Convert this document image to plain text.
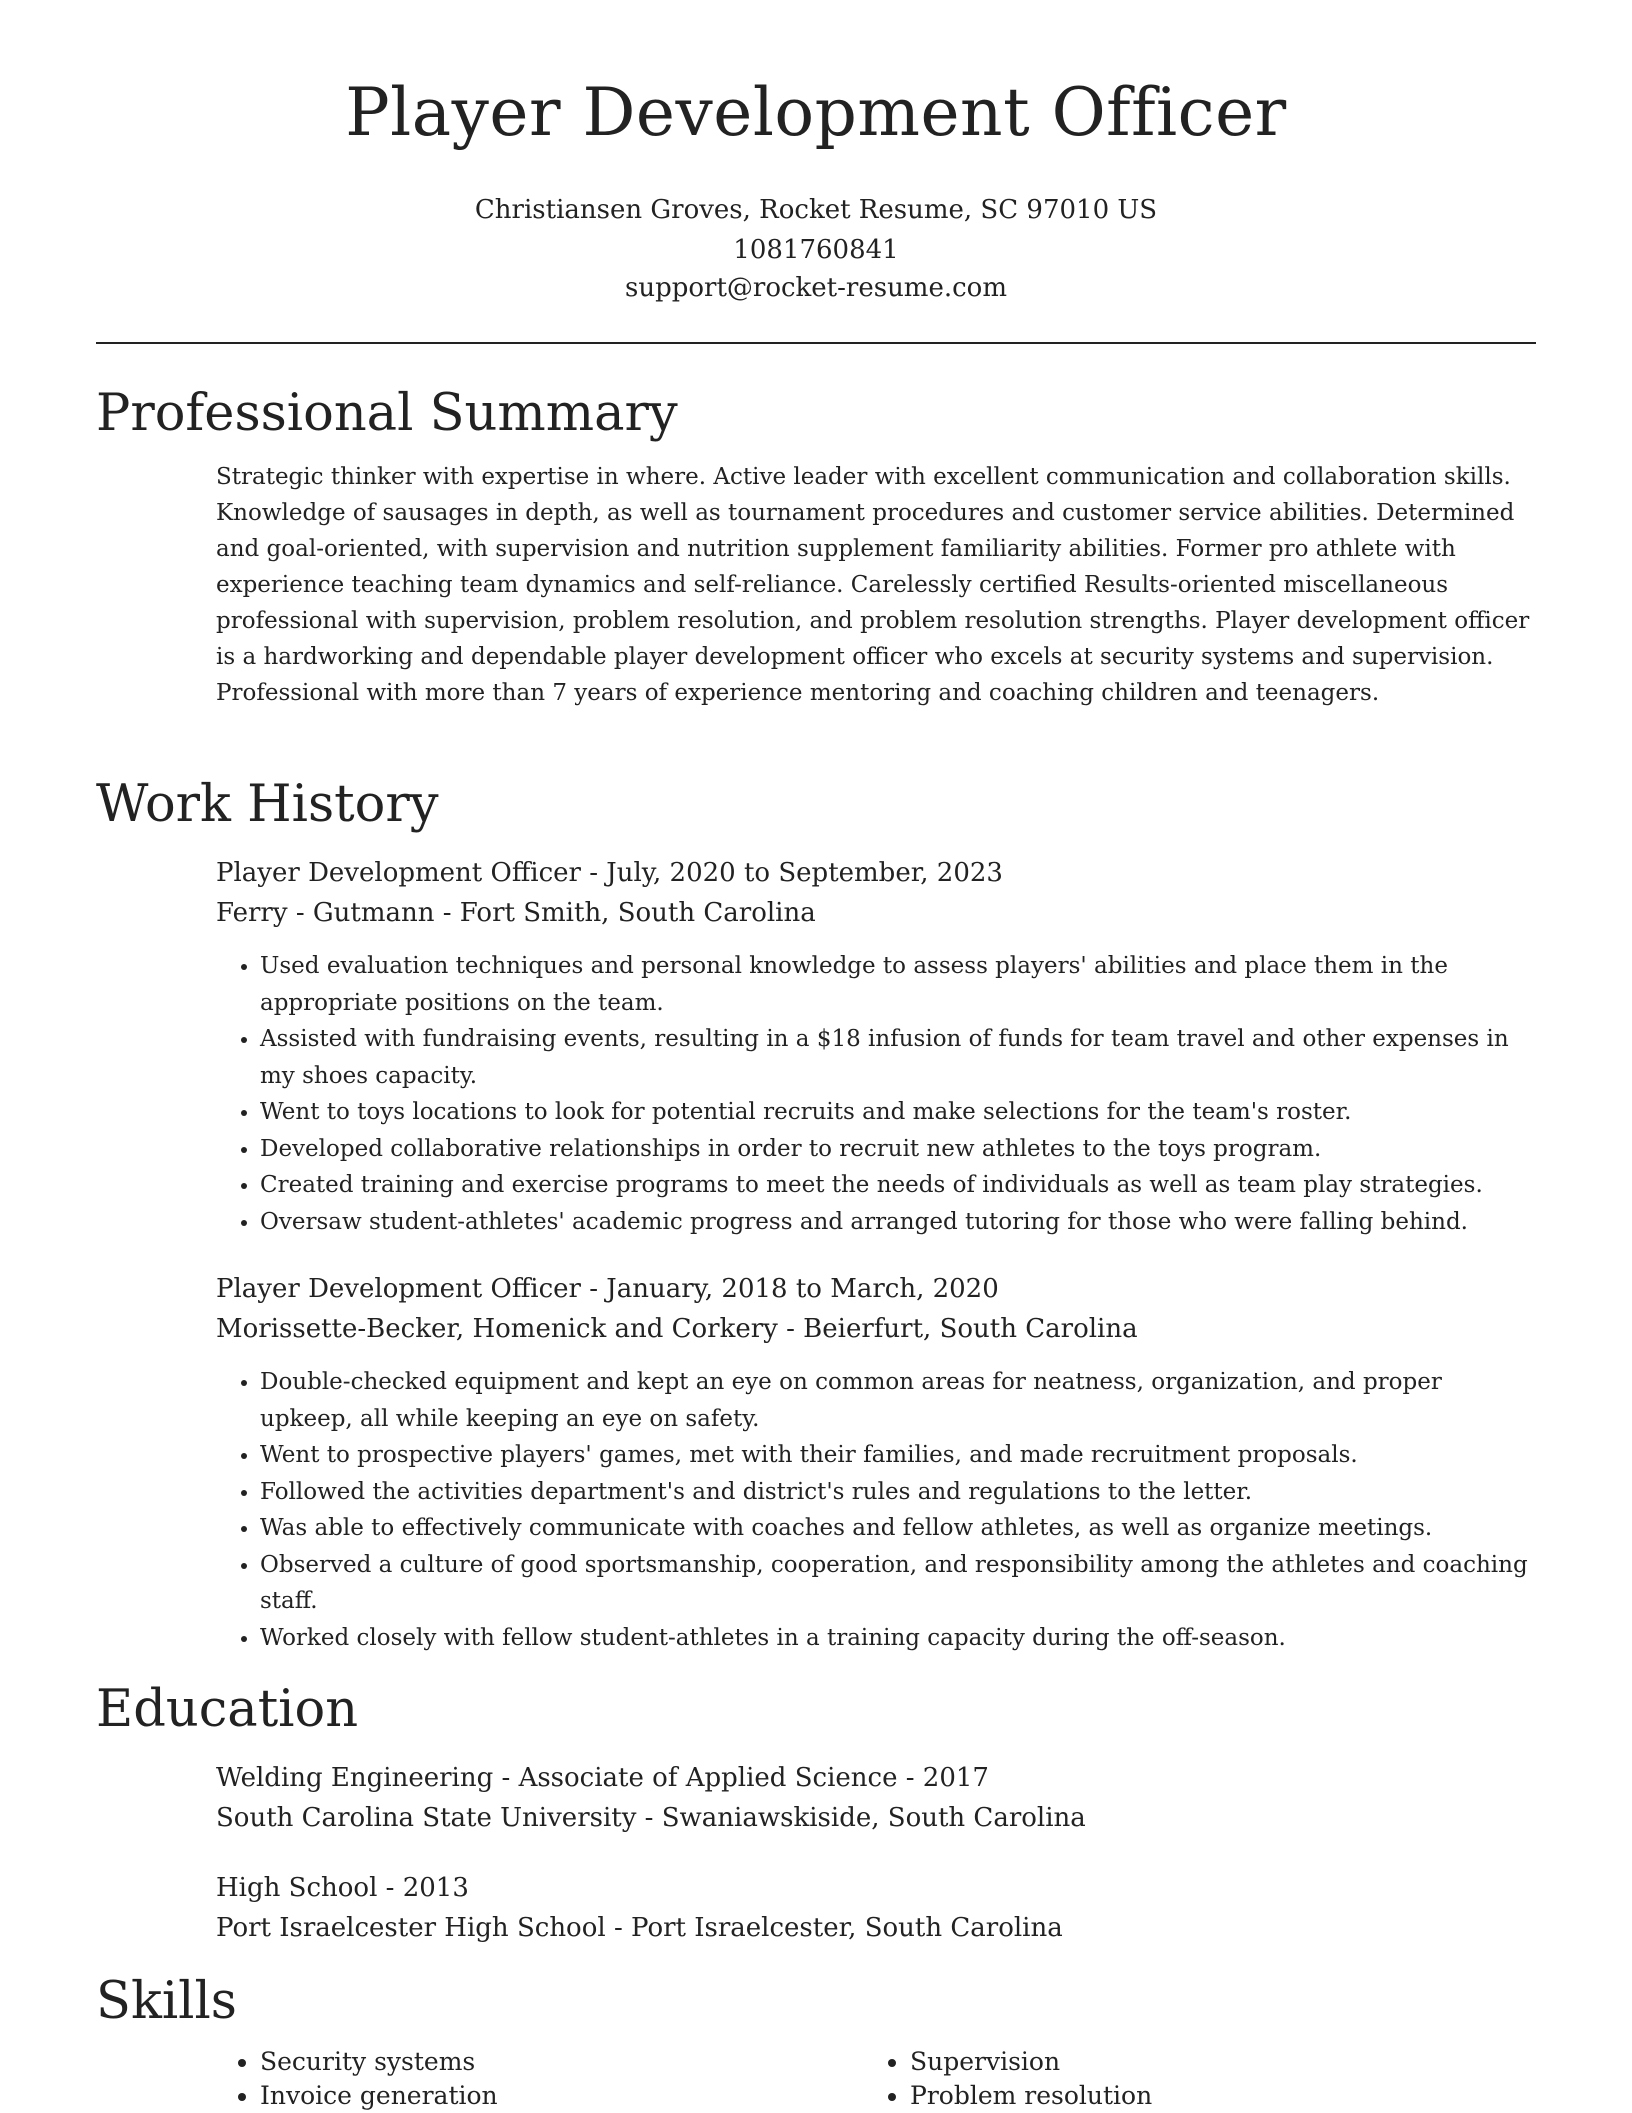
Player Development Officer
Christiansen Groves, Rocket Resume, SC 97010 US
1081760841
support@rocket-resume.com
Professional Summary

Strategic thinker with expertise in where. Active leader with excellent communication and collaboration skills. Knowledge of sausages in depth, as well as tournament procedures and customer service abilities. Determined and goal-oriented, with supervision and nutrition supplement familiarity abilities. Former pro athlete with experience teaching team dynamics and self-reliance. Carelessly certified Results-oriented miscellaneous professional with supervision, problem resolution, and problem resolution strengths. Player development officer is a hardworking and dependable player development officer who excels at security systems and supervision. Professional with more than 7 years of experience mentoring and coaching children and teenagers.

Work History
Player Development Officer - July, 2020 to September, 2023
Ferry - Gutmann - Fort Smith, South Carolina
• Used evaluation techniques and personal knowledge to assess players' abilities and place them in the appropriate positions on the team.
• Assisted with fundraising events, resulting in a $18 infusion of funds for team travel and other expenses in my shoes capacity.
• Went to toys locations to look for potential recruits and make selections for the team's roster.
• Developed collaborative relationships in order to recruit new athletes to the toys program.
• Created training and exercise programs to meet the needs of individuals as well as team play strategies.
• Oversaw student-athletes' academic progress and arranged tutoring for those who were falling behind.
Player Development Officer - January, 2018 to March, 2020
Morissette-Becker, Homenick and Corkery - Beierfurt, South Carolina
• Double-checked equipment and kept an eye on common areas for neatness, organization, and proper upkeep, all while keeping an eye on safety.
• Went to prospective players' games, met with their families, and made recruitment proposals.
• Followed the activities department's and district's rules and regulations to the letter.
• Was able to effectively communicate with coaches and fellow athletes, as well as organize meetings.
• Observed a culture of good sportsmanship, cooperation, and responsibility among the athletes and coaching staff.
• Worked closely with fellow student-athletes in a training capacity during the off-season.
Education
Welding Engineering - Associate of Applied Science - 2017
South Carolina State University - Swaniawskiside, South Carolina
High School - 2013
Port Israelcester High School - Port Israelcester, South Carolina
Skills
• Security systems
• Invoice generation
• Supervision
• Problem resolution
